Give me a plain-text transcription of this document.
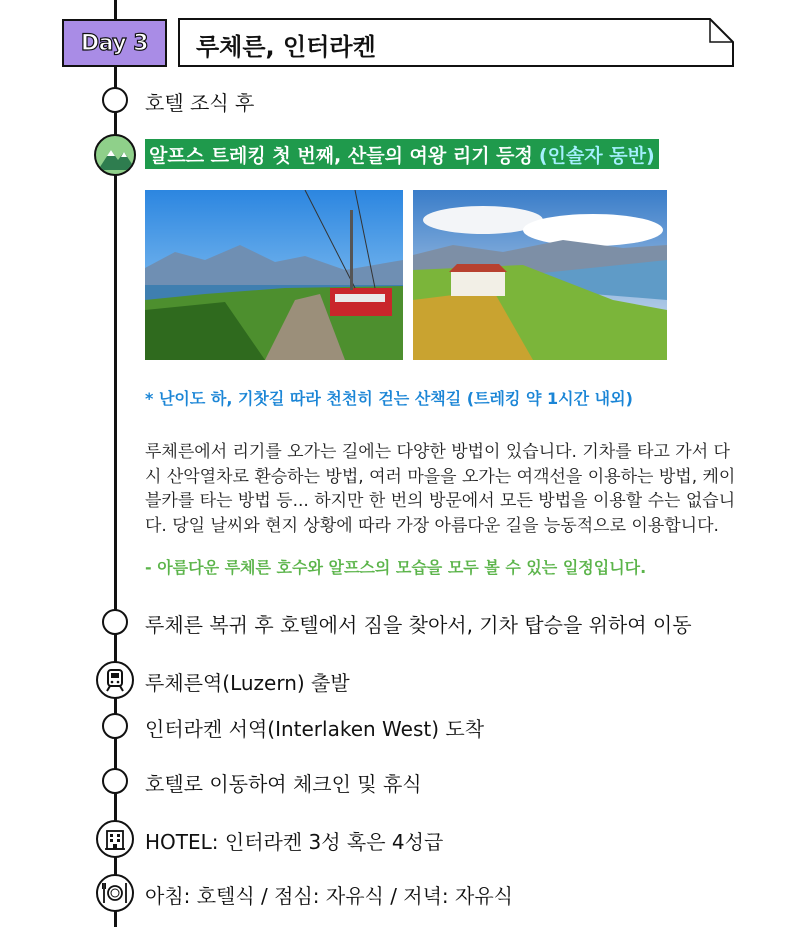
Day 3 루체른, 인터라켄
호텔 조식 후
알프스 트레킹 첫 번째, 산들의 여왕 리기 등정 (인솔자 동반)
* 난이도 하, 기찻길 따라 천천히 걷는 산책길 (트레킹 약 1시간 내외)
루체른에서 리기를 오가는 길에는 다양한 방법이 있습니다. 기차를 타고 가서 다
시 산악열차로 환승하는 방법, 여러 마을을 오가는 여객선을 이용하는 방법, 케이
블카를 타는 방법 등... 하지만 한 번의 방문에서 모든 방법을 이용할 수는 없습니
다. 당일 날씨와 현지 상황에 따라 가장 아름다운 길을 능동적으로 이용합니다.
- 아름다운 루체른 호수와 알프스의 모습을 모두 볼 수 있는 일정입니다.
루체른 복귀 후 호텔에서 짐을 찾아서, 기차 탑승을 위하여 이동
루체른역(Luzern) 출발
인터라켄 서역(Interlaken West) 도착
호텔로 이동하여 체크인 및 휴식
HOTEL: 인터라켄 3성 혹은 4성급
아침: 호텔식 / 점심: 자유식 / 저녁: 자유식
